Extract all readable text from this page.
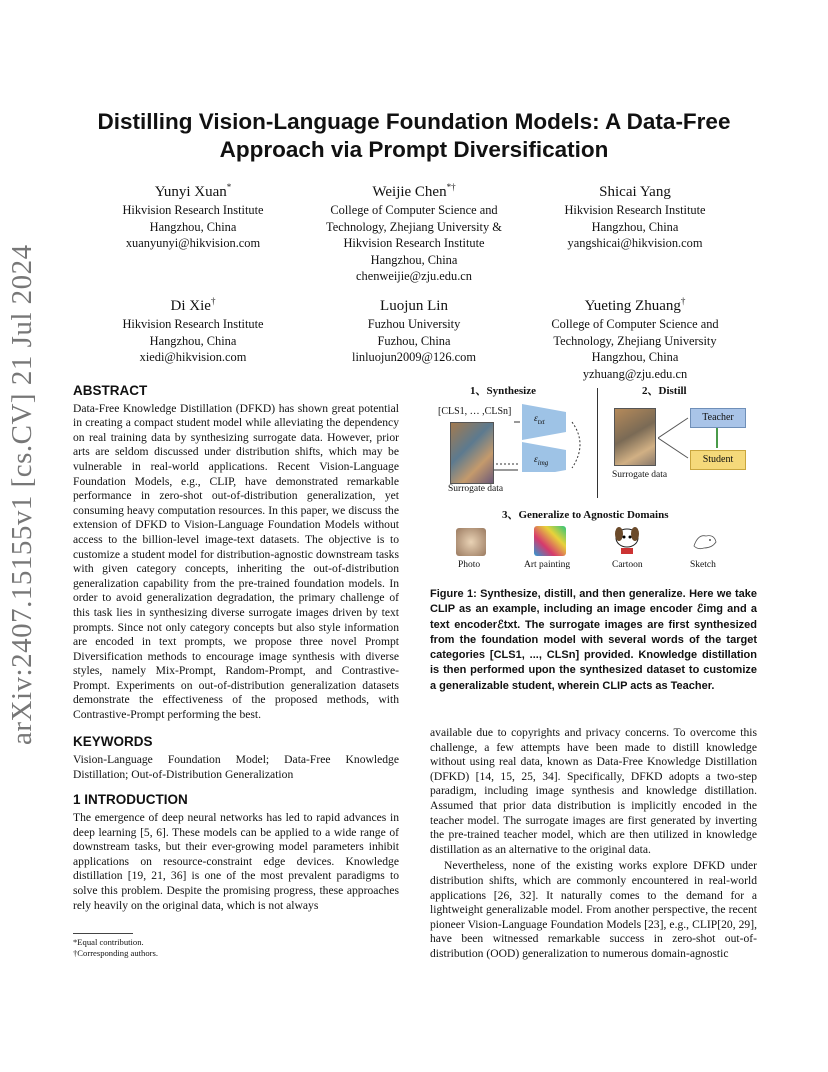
arXiv:2407.15155v1 [cs.CV] 21 Jul 2024
Distilling Vision-Language Foundation Models: A Data-Free Approach via Prompt Diversification
Yunyi Xuan*
Hikvision Research Institute
Hangzhou, China
xuanyunyi@hikvision.com
Weijie Chen*†
College of Computer Science and
Technology, Zhejiang University &
Hikvision Research Institute
Hangzhou, China
chenweijie@zju.edu.cn
Shicai Yang
Hikvision Research Institute
Hangzhou, China
yangshicai@hikvision.com
Di Xie†
Hikvision Research Institute
Hangzhou, China
xiedi@hikvision.com
Luojun Lin
Fuzhou University
Fuzhou, China
linluojun2009@126.com
Yueting Zhuang†
College of Computer Science and
Technology, Zhejiang University
Hangzhou, China
yzhuang@zju.edu.cn
ABSTRACT

Data-Free Knowledge Distillation (DFKD) has shown great potential in creating a compact student model while alleviating the dependency on real training data by synthesizing surrogate data. However, prior arts are seldom discussed under distribution shifts, which may be vulnerable in real-world applications. Recent Vision-Language Foundation Models, e.g., CLIP, have demonstrated remarkable performance in zero-shot out-of-distribution generalization, yet consuming heavy computation resources. In this paper, we discuss the extension of DFKD to Vision-Language Foundation Models without access to the billion-level image-text datasets. The objective is to customize a student model for distribution-agnostic downstream tasks with given category concepts, inheriting the out-of-distribution generalization capability from the pre-trained foundation models. In order to avoid generalization degradation, the primary challenge of this task lies in synthesizing diverse surrogate images driven by text prompts. Since not only category concepts but also style information are encoded in text prompts, we propose three novel Prompt Diversification methods to encourage image synthesis with diverse styles, namely Mix-Prompt, Random-Prompt, and Contrastive-Prompt. Experiments on out-of-distribution generalization datasets demonstrate the effectiveness of the proposed methods, with Contrastive-Prompt performing the best.

KEYWORDS

Vision-Language Foundation Model; Data-Free Knowledge Distillation; Out-of-Distribution Generalization

1 INTRODUCTION

The emergence of deep neural networks has led to rapid advances in deep learning [5, 6]. These models can be applied to a wide range of downstream tasks, but their ever-growing model parameters inhibit applications on resource-constraint edge devices. Knowledge distillation [19, 21, 36] is one of the most prevalent paradigms to solve this problem. Despite the promising progress, these approaches rely heavily on the original data, which is not always

*Equal contribution.
†Corresponding authors.
1、Synthesize	2、Distill
[CLS1, … ,CLSn]
$\varepsilon_{txt}$
$\varepsilon_{img}$
Surrogate data
Surrogate data
Teacher
Student
3、Generalize to Agnostic Domains
Photo	Art painting	Cartoon	Sketch
Figure 1: Synthesize, distill, and then generalize. Here we take CLIP as an example, including an image encoder ℰimg and a text encoderℰtxt. The surrogate images are first synthesized from the foundation model with several words of the target categories [CLS1, ..., CLSn] provided. Knowledge distillation is then performed upon the synthesized dataset to customize a generalizable student, wherein CLIP acts as Teacher.

available due to copyrights and privacy concerns. To overcome this challenge, a few attempts have been made to distill knowledge without using real data, known as Data-Free Knowledge Distillation (DFKD) [14, 15, 25, 34]. Specifically, DFKD adopts a two-step paradigm, including image synthesis and knowledge distillation. Assumed that prior data distribution is implicitly encoded in the teacher model. The surrogate images are first generated by inverting the pre-trained teacher model, which are then utilized in knowledge distillation as an alternative to the original data.

Nevertheless, none of the existing works explore DFKD under distribution shifts, which are commonly encountered in real-world applications [26, 32]. It naturally comes to the demand for a lightweight generalizable model. From another perspective, the recent pioneer Vision-Language Foundation Models [23], e.g., CLIP[20, 29], have been witnessed remarkable success in zero-shot out-of-distribution (OOD) generalization to numerous domain-agnostic
